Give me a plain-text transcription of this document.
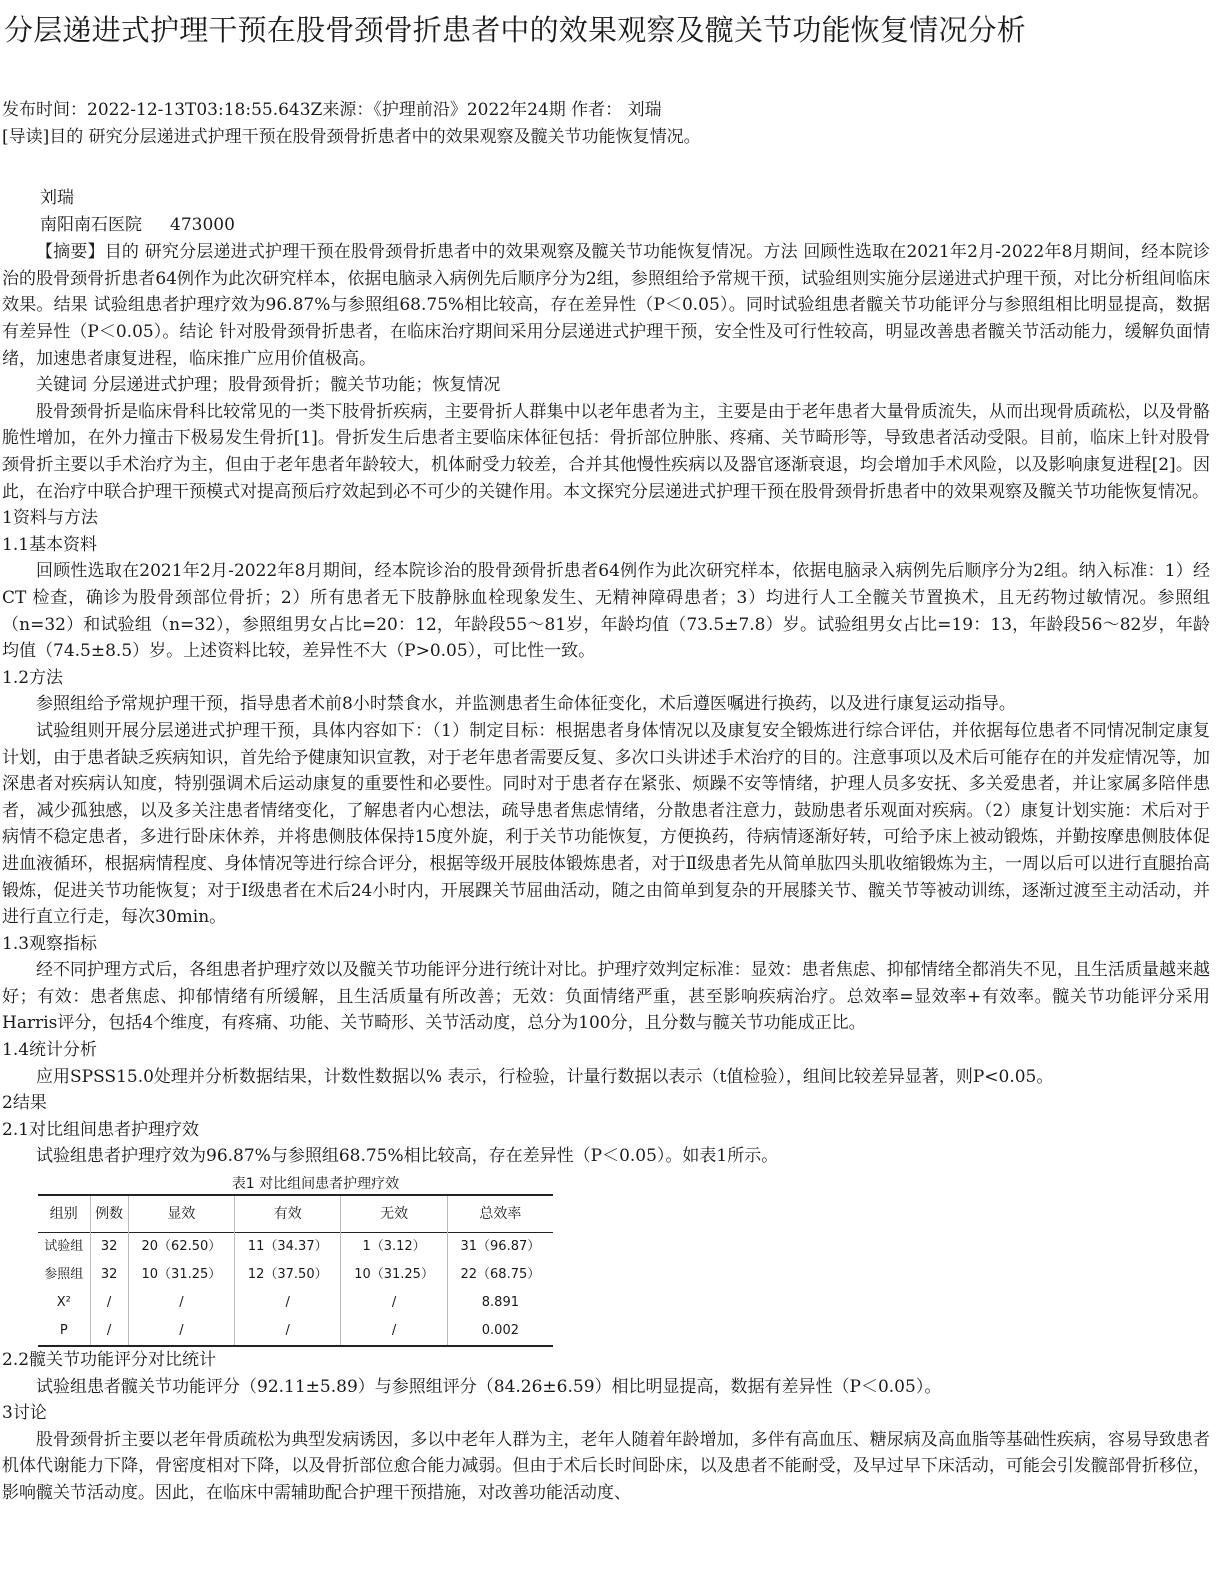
分层递进式护理干预在股骨颈骨折患者中的效果观察及髋关节功能恢复情况分析
发布时间：2022-12-13T03:18:55.643Z来源：《护理前沿》2022年24期 作者： 刘瑞
[导读]目的 研究分层递进式护理干预在股骨颈骨折患者中的效果观察及髋关节功能恢复情况。
刘瑞
南阳南石医院 473000

【摘要】目的 研究分层递进式护理干预在股骨颈骨折患者中的效果观察及髋关节功能恢复情况。方法 回顾性选取在2021年2月-2022年8月期间，经本院诊治的股骨颈骨折患者64例作为此次研究样本，依据电脑录入病例先后顺序分为2组，参照组给予常规干预，试验组则实施分层递进式护理干预，对比分析组间临床效果。结果 试验组患者护理疗效为96.87%与参照组68.75%相比较高，存在差异性（P＜0.05）。同时试验组患者髋关节功能评分与参照组相比明显提高，数据有差异性（P＜0.05）。结论 针对股骨颈骨折患者，在临床治疗期间采用分层递进式护理干预，安全性及可行性较高，明显改善患者髋关节活动能力，缓解负面情绪，加速患者康复进程，临床推广应用价值极高。

关键词 分层递进式护理；股骨颈骨折；髋关节功能；恢复情况

股骨颈骨折是临床骨科比较常见的一类下肢骨折疾病，主要骨折人群集中以老年患者为主，主要是由于老年患者大量骨质流失，从而出现骨质疏松，以及骨骼脆性增加，在外力撞击下极易发生骨折[1]。骨折发生后患者主要临床体征包括：骨折部位肿胀、疼痛、关节畸形等，导致患者活动受限。目前，临床上针对股骨颈骨折主要以手术治疗为主，但由于老年患者年龄较大，机体耐受力较差，合并其他慢性疾病以及器官逐渐衰退，均会增加手术风险，以及影响康复进程[2]。因此，在治疗中联合护理干预模式对提高预后疗效起到必不可少的关键作用。本文探究分层递进式护理干预在股骨颈骨折患者中的效果观察及髋关节功能恢复情况。

1资料与方法
1.1基本资料

回顾性选取在2021年2月-2022年8月期间，经本院诊治的股骨颈骨折患者64例作为此次研究样本，依据电脑录入病例先后顺序分为2组。纳入标准：1）经CT 检查，确诊为股骨颈部位骨折；2）所有患者无下肢静脉血栓现象发生、无精神障碍患者；3）均进行人工全髋关节置换术，且无药物过敏情况。参照组（n=32）和试验组（n=32），参照组男女占比=20：12，年龄段55～81岁，年龄均值（73.5±7.8）岁。试验组男女占比=19：13，年龄段56～82岁，年龄均值（74.5±8.5）岁。上述资料比较，差异性不大（P>0.05），可比性一致。

1.2方法

参照组给予常规护理干预，指导患者术前8小时禁食水，并监测患者生命体征变化，术后遵医嘱进行换药，以及进行康复运动指导。

试验组则开展分层递进式护理干预，具体内容如下：（1）制定目标：根据患者身体情况以及康复安全锻炼进行综合评估，并依据每位患者不同情况制定康复计划，由于患者缺乏疾病知识，首先给予健康知识宣教，对于老年患者需要反复、多次口头讲述手术治疗的目的。注意事项以及术后可能存在的并发症情况等，加深患者对疾病认知度，特别强调术后运动康复的重要性和必要性。同时对于患者存在紧张、烦躁不安等情绪，护理人员多安抚、多关爱患者，并让家属多陪伴患者，减少孤独感，以及多关注患者情绪变化，了解患者内心想法，疏导患者焦虑情绪，分散患者注意力，鼓励患者乐观面对疾病。（2）康复计划实施：术后对于病情不稳定患者，多进行卧床休养，并将患侧肢体保持15度外旋，利于关节功能恢复，方便换药，待病情逐渐好转，可给予床上被动锻炼，并勤按摩患侧肢体促进血液循环，根据病情程度、身体情况等进行综合评分，根据等级开展肢体锻炼患者，对于Ⅱ级患者先从简单肱四头肌收缩锻炼为主，一周以后可以进行直腿抬高锻炼，促进关节功能恢复；对于Ⅰ级患者在术后24小时内，开展踝关节屈曲活动，随之由简单到复杂的开展膝关节、髋关节等被动训练，逐渐过渡至主动活动，并进行直立行走，每次30min。

1.3观察指标

经不同护理方式后，各组患者护理疗效以及髋关节功能评分进行统计对比。护理疗效判定标准：显效：患者焦虑、抑郁情绪全都消失不见，且生活质量越来越好；有效：患者焦虑、抑郁情绪有所缓解，且生活质量有所改善；无效：负面情绪严重，甚至影响疾病治疗。总效率=显效率+有效率。髋关节功能评分采用Harris评分，包括4个维度，有疼痛、功能、关节畸形、关节活动度，总分为100分，且分数与髋关节功能成正比。

1.4统计分析

应用SPSS15.0处理并分析数据结果，计数性数据以% 表示，行检验，计量行数据以表示（t值检验），组间比较差异显著，则P<0.05。

2结果
2.1对比组间患者护理疗效

试验组患者护理疗效为96.87%与参照组68.75%相比较高，存在差异性（P＜0.05）。如表1所示。

表1 对比组间患者护理疗效
组别	例数	显效	有效	无效	总效率
试验组	32	20（62.50）	11（34.37）	1（3.12）	31（96.87）
参照组	32	10（31.25）	12（37.50）	10（31.25）	22（68.75）
X²	/	/	/	/	8.891
P	/	/	/	/	0.002
2.2髋关节功能评分对比统计

试验组患者髋关节功能评分（92.11±5.89）与参照组评分（84.26±6.59）相比明显提高，数据有差异性（P＜0.05）。

3讨论

股骨颈骨折主要以老年骨质疏松为典型发病诱因，多以中老年人群为主，老年人随着年龄增加，多伴有高血压、糖尿病及高血脂等基础性疾病，容易导致患者机体代谢能力下降，骨密度相对下降，以及骨折部位愈合能力减弱。但由于术后长时间卧床，以及患者不能耐受，及早过早下床活动，可能会引发髋部骨折移位，影响髋关节活动度。因此，在临床中需辅助配合护理干预措施，对改善功能活动度、
